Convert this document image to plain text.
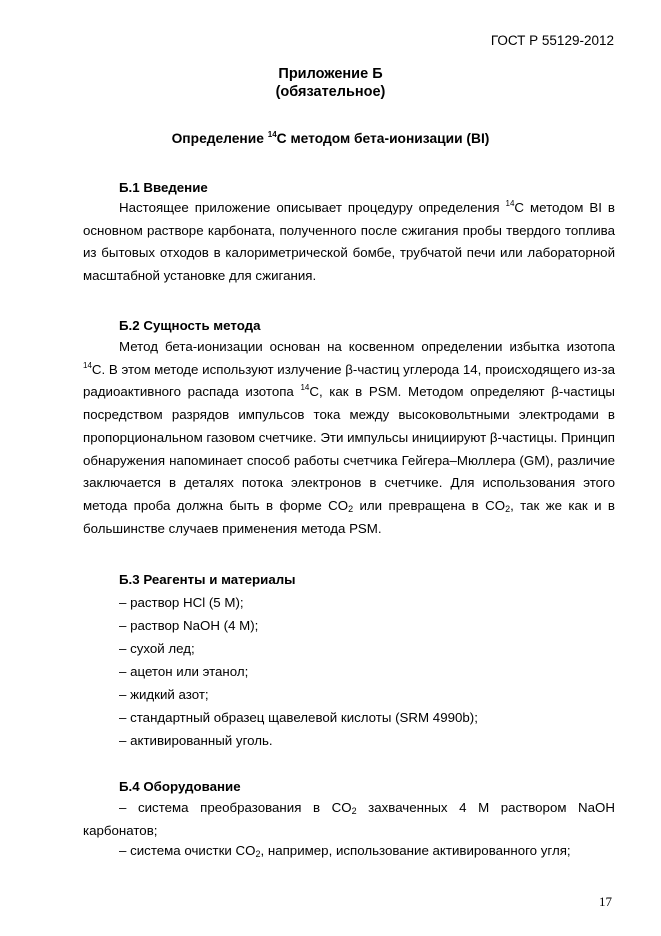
ГОСТ Р 55129-2012
Приложение Б
(обязательное)
Определение $^{14}$С методом бета-ионизации (BI)
Б.1 Введение
Настоящее приложение описывает процедуру определения $^{14}$С методом BI в основном растворе карбоната, полученного после сжигания пробы твердого топлива из бытовых отходов в калориметрической бомбе, трубчатой печи или лабораторной масштабной установке для сжигания.
Б.2 Сущность метода
Метод бета-ионизации основан на косвенном определении избытка изотопа $^{14}$С. В этом методе используют излучение β-частиц углерода 14, происходящего из-за радиоактивного распада изотопа $^{14}$С, как в PSM. Методом определяют β-частицы посредством разрядов импульсов тока между высоковольтными электродами в пропорциональном газовом счетчике. Эти импульсы инициируют β-частицы. Принцип обнаружения напоминает способ работы счетчика Гейгера–Мюллера (GM), различие заключается в деталях потока электронов в счетчике. Для использования этого метода проба должна быть в форме $CO_2$ или превращена в $CO_2$, так же как и в большинстве случаев применения метода PSM.
Б.3 Реагенты и материалы
– раствор HCl (5 M);
– раствор NaOH (4 M);
– сухой лед;
– ацетон или этанол;
– жидкий азот;
– стандартный образец щавелевой кислоты (SRM 4990b);
– активированный уголь.
Б.4 Оборудование
– система преобразования в $CO_2$ захваченных 4 M раствором NaOH карбонатов;
– система очистки $CO_2$, например, использование активированного угля;
17
